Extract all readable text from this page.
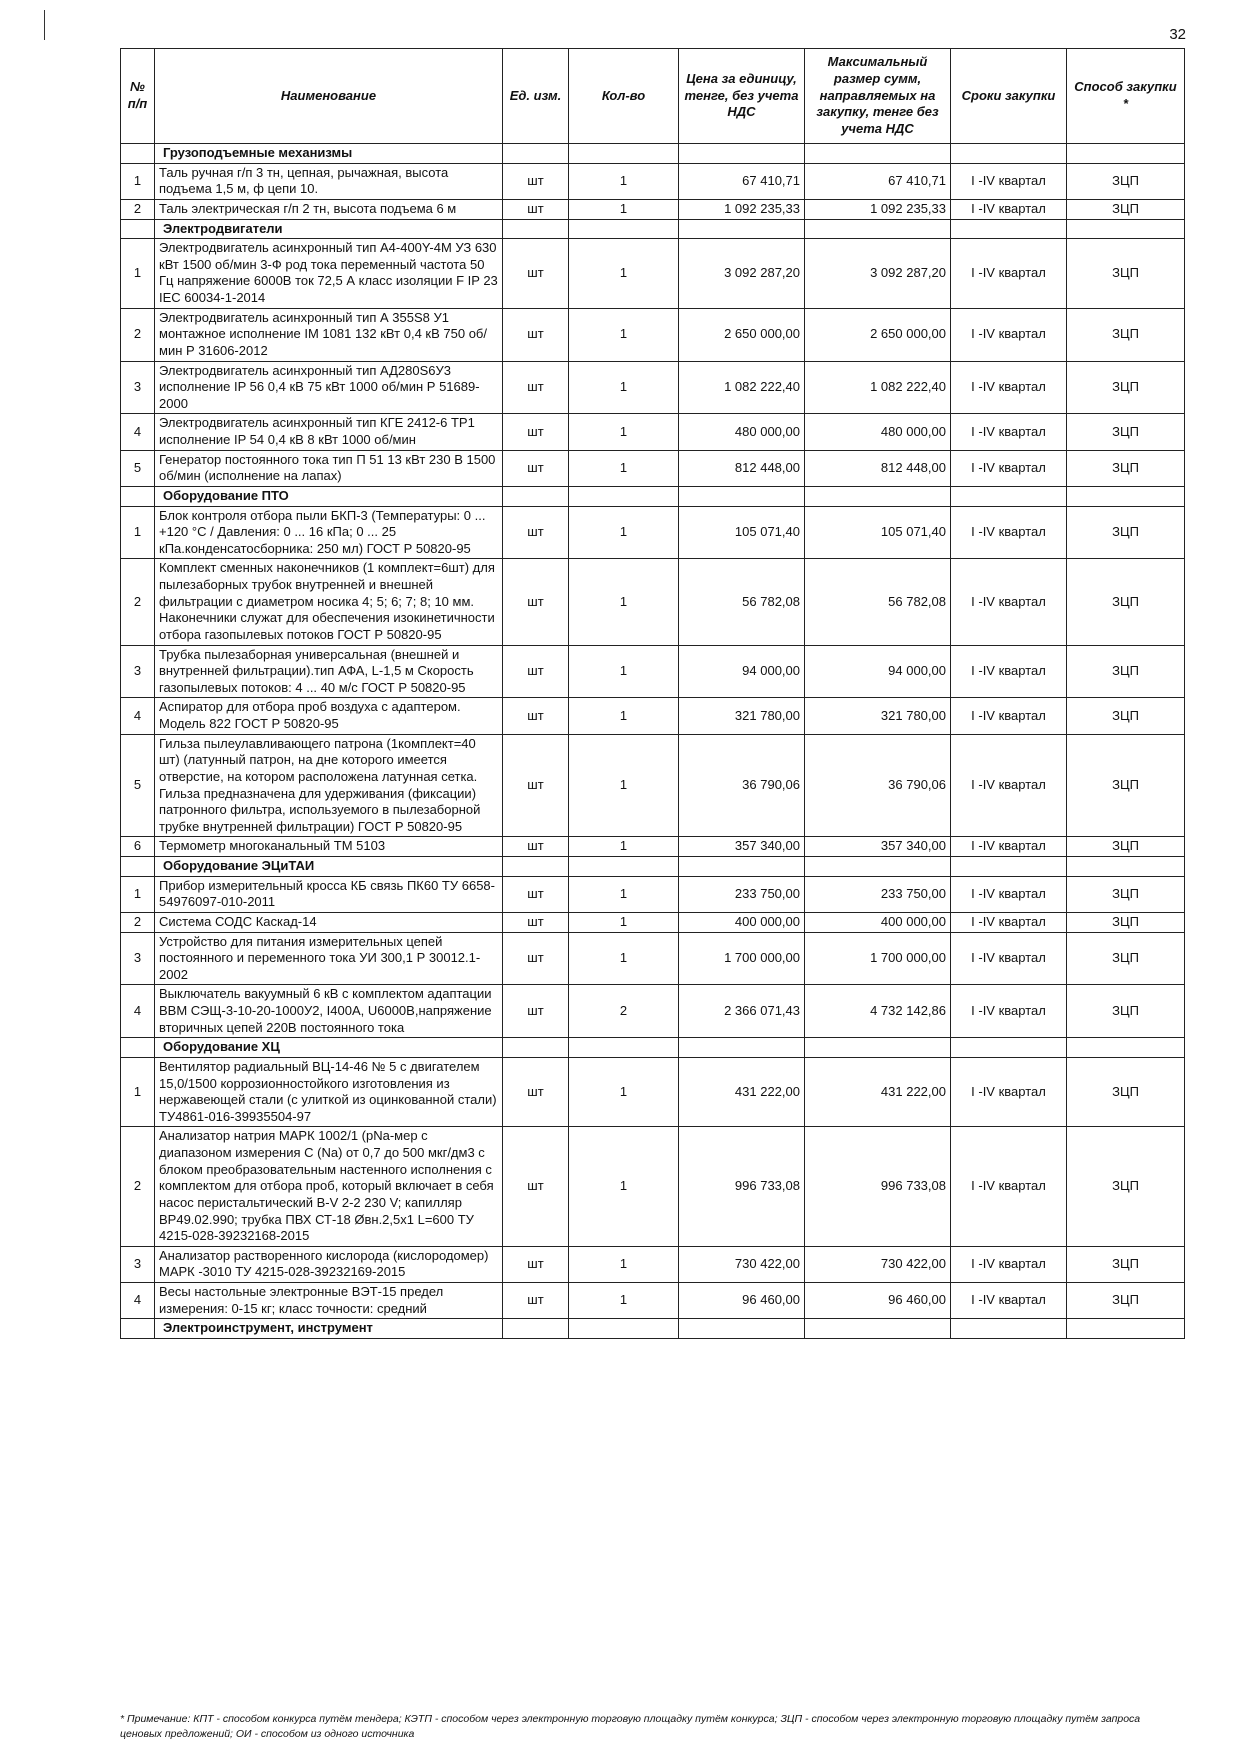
32
№ п/п	Наименование	Ед. изм.	Кол-во	Цена за единицу, тенге, без учета НДС	Максимальный размер сумм, направляемых на закупку, тенге без учета НДС	Сроки закупки	Способ закупки *
	Грузоподъемные механизмы						
1	Таль ручная г/п 3 тн, цепная, рычажная, высота подъема 1,5 м, ф цепи 10.	шт	1	67 410,71	67 410,71	I -IV квартал	ЗЦП
2	Таль электрическая г/п 2 тн, высота подъема 6 м	шт	1	1 092 235,33	1 092 235,33	I -IV квартал	ЗЦП
	Электродвигатели						
1	Электродвигатель асинхронный тип А4-400Y-4М УЗ 630 кВт 1500 об/мин 3-Ф род тока переменный частота 50 Гц напряжение 6000В ток 72,5 А класс изоляции F IP 23 IEC 60034-1-2014	шт	1	3 092 287,20	3 092 287,20	I -IV квартал	ЗЦП
2	Электродвигатель асинхронный тип А 355S8 У1 монтажное исполнение IM 1081 132 кВт 0,4 кВ 750 об/мин Р 31606-2012	шт	1	2 650 000,00	2 650 000,00	I -IV квартал	ЗЦП
3	Электродвигатель асинхронный тип АД280S6У3 исполнение IP 56 0,4 кВ 75 кВт 1000 об/мин Р 51689-2000	шт	1	1 082 222,40	1 082 222,40	I -IV квартал	ЗЦП
4	Электродвигатель асинхронный тип КГЕ 2412-6 ТР1 исполнение IP 54 0,4 кВ 8 кВт 1000 об/мин	шт	1	480 000,00	480 000,00	I -IV квартал	ЗЦП
5	Генератор постоянного тока тип П 51 13 кВт 230 В 1500 об/мин (исполнение на лапах)	шт	1	812 448,00	812 448,00	I -IV квартал	ЗЦП
	Оборудование ПТО						
1	Блок контроля отбора пыли БКП-3 (Температуры: 0 ... +120 °С / Давления: 0 ... 16 кПа; 0 ... 25 кПа.конденсатосборника: 250 мл) ГОСТ Р 50820-95	шт	1	105 071,40	105 071,40	I -IV квартал	ЗЦП
2	Комплект сменных наконечников (1 комплект=6шт) для пылезаборных трубок внутренней и внешней фильтрации с диаметром носика 4; 5; 6; 7; 8; 10 мм. Наконечники служат для обеспечения изокинетичности отбора газопылевых потоков ГОСТ Р 50820-95	шт	1	56 782,08	56 782,08	I -IV квартал	ЗЦП
3	Трубка пылезаборная универсальная (внешней и внутренней фильтрации).тип АФА, L-1,5 м Скорость газопылевых потоков: 4 ... 40 м/с ГОСТ Р 50820-95	шт	1	94 000,00	94 000,00	I -IV квартал	ЗЦП
4	Аспиратор для отбора проб воздуха с адаптером. Модель 822 ГОСТ Р 50820-95	шт	1	321 780,00	321 780,00	I -IV квартал	ЗЦП
5	Гильза пылеулавливающего патрона (1комплект=40 шт) (латунный патрон, на дне которого имеется отверстие, на котором расположена латунная сетка. Гильза предназначена для удерживания (фиксации) патронного фильтра, используемого в пылезаборной трубке внутренней фильтрации) ГОСТ Р 50820-95	шт	1	36 790,06	36 790,06	I -IV квартал	ЗЦП
6	Термометр многоканальный ТМ 5103	шт	1	357 340,00	357 340,00	I -IV квартал	ЗЦП
	Оборудование ЭЦиТАИ						
1	Прибор измерительный кросса КБ связь ПК60 ТУ 6658-54976097-010-2011	шт	1	233 750,00	233 750,00	I -IV квартал	ЗЦП
2	Система СОДС Каскад-14	шт	1	400 000,00	400 000,00	I -IV квартал	ЗЦП
3	Устройство для питания измерительных цепей постоянного и переменного тока УИ 300,1 Р 30012.1-2002	шт	1	1 700 000,00	1 700 000,00	I -IV квартал	ЗЦП
4	Выключатель вакуумный 6 кВ с комплектом адаптации ВВМ СЭЩ-3-10-20-1000У2, I400А, U6000В,напряжение вторичных цепей 220В постоянного тока	шт	2	2 366 071,43	4 732 142,86	I -IV квартал	ЗЦП
	Оборудование ХЦ						
1	Вентилятор радиальный ВЦ-14-46 № 5 с двигателем 15,0/1500 коррозионностойкого изготовления из нержавеющей стали (с улиткой из оцинкованной стали) ТУ4861-016-39935504-97	шт	1	431 222,00	431 222,00	I -IV квартал	ЗЦП
2	Анализатор натрия МАРК 1002/1 (рNа-мер с диапазоном измерения С (Na) от 0,7 до 500 мкг/дм3 с блоком преобразовательным настенного исполнения с комплектом для отбора проб, который включает в себя насос перистальтический B-V 2-2 230 V; капилляр ВР49.02.990; трубка ПВХ СТ-18 Øвн.2,5х1 L=600 ТУ 4215-028-39232168-2015	шт	1	996 733,08	996 733,08	I -IV квартал	ЗЦП
3	Анализатор растворенного кислорода (кислородомер) МАРК -3010 ТУ 4215-028-39232169-2015	шт	1	730 422,00	730 422,00	I -IV квартал	ЗЦП
4	Весы настольные электронные ВЭТ-15 предел измерения: 0-15 кг; класс точности: средний	шт	1	96 460,00	96 460,00	I -IV квартал	ЗЦП
	Электроинструмент, инструмент						
* Примечание: КПТ - способом конкурса путём тендера; КЭТП - способом через электронную торговую площадку путём конкурса; ЗЦП - способом через электронную торговую площадку путём запроса ценовых предложений; ОИ - способом из одного источника
